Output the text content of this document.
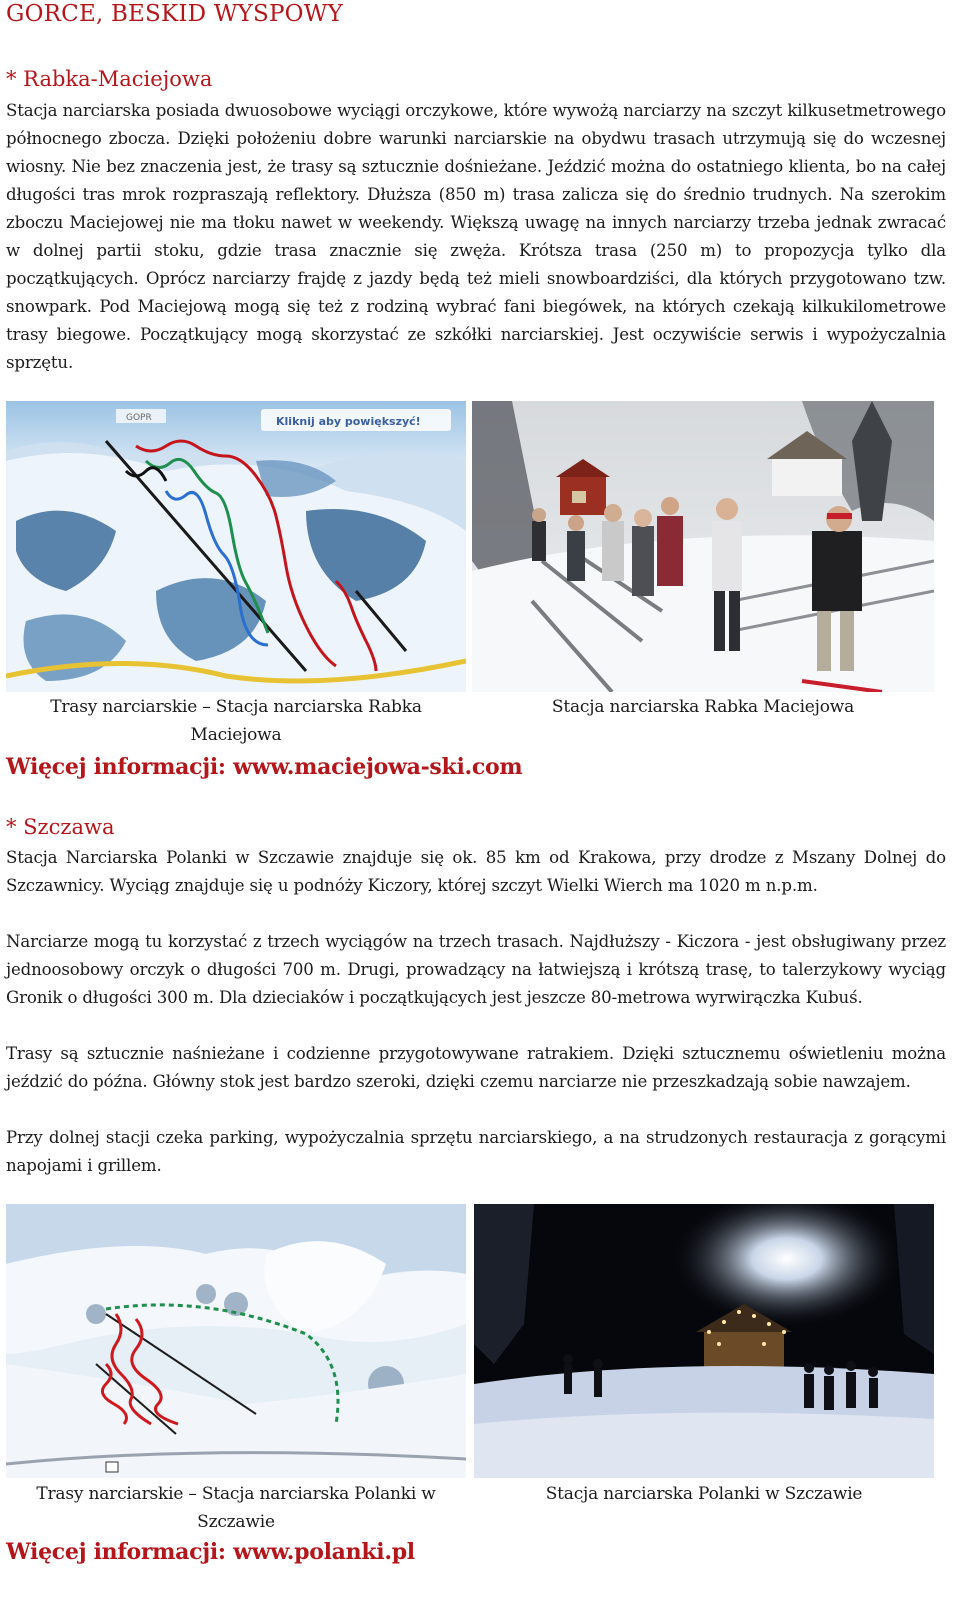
GORCE, BESKID WYSPOWY
* Rabka-Maciejowa

Stacja narciarska posiada dwuosobowe wyciągi orczykowe, które wywożą narciarzy na szczyt kilkusetmetrowego północnego zbocza. Dzięki położeniu dobre warunki narciarskie na obydwu trasach utrzymują się do wczesnej wiosny. Nie bez znaczenia jest, że trasy są sztucznie dośnieżane. Jeździć można do ostatniego klienta, bo na całej długości tras mrok rozpraszają reflektory. Dłuższa (850 m) trasa zalicza się do średnio trudnych. Na szerokim zboczu Maciejowej nie ma tłoku nawet w weekendy. Większą uwagę na innych narciarzy trzeba jednak zwracać w dolnej partii stoku, gdzie trasa znacznie się zwęża. Krótsza trasa (250 m) to propozycja tylko dla początkujących. Oprócz narciarzy frajdę z jazdy będą też mieli snowboardziści, dla których przygotowano tzw. snowpark. Pod Maciejową mogą się też z rodziną wybrać fani biegówek, na których czekają kilkukilometrowe trasy biegowe. Początkujący mogą skorzystać ze szkółki narciarskiej. Jest oczywiście serwis i wypożyczalnia sprzętu.

Kliknij aby powiększyć!
GOPR
Trasy narciarskie – Stacja narciarska Rabka Maciejowa
Stacja narciarska Rabka Maciejowa

Więcej informacji: www.maciejowa-ski.com

* Szczawa

Stacja Narciarska Polanki w Szczawie znajduje się ok. 85 km od Krakowa, przy drodze z Mszany Dolnej do Szczawnicy. Wyciąg znajduje się u podnóży Kiczory, której szczyt Wielki Wierch ma 1020 m n.p.m.

Narciarze mogą tu korzystać z trzech wyciągów na trzech trasach. Najdłuższy - Kiczora - jest obsługiwany przez jednoosobowy orczyk o długości 700 m. Drugi, prowadzący na łatwiejszą i krótszą trasę, to talerzykowy wyciąg Gronik o długości 300 m. Dla dzieciaków i początkujących jest jeszcze 80-metrowa wyrwirączka Kubuś.

Trasy są sztucznie naśnieżane i codzienne przygotowywane ratrakiem. Dzięki sztucznemu oświetleniu można jeździć do późna. Główny stok jest bardzo szeroki, dzięki czemu narciarze nie przeszkadzają sobie nawzajem.

Przy dolnej stacji czeka parking, wypożyczalnia sprzętu narciarskiego, a na strudzonych restauracja z gorącymi napojami i grillem.

Trasy narciarskie – Stacja narciarska Polanki w Szczawie
Stacja narciarska Polanki w Szczawie

Więcej informacji: www.polanki.pl
